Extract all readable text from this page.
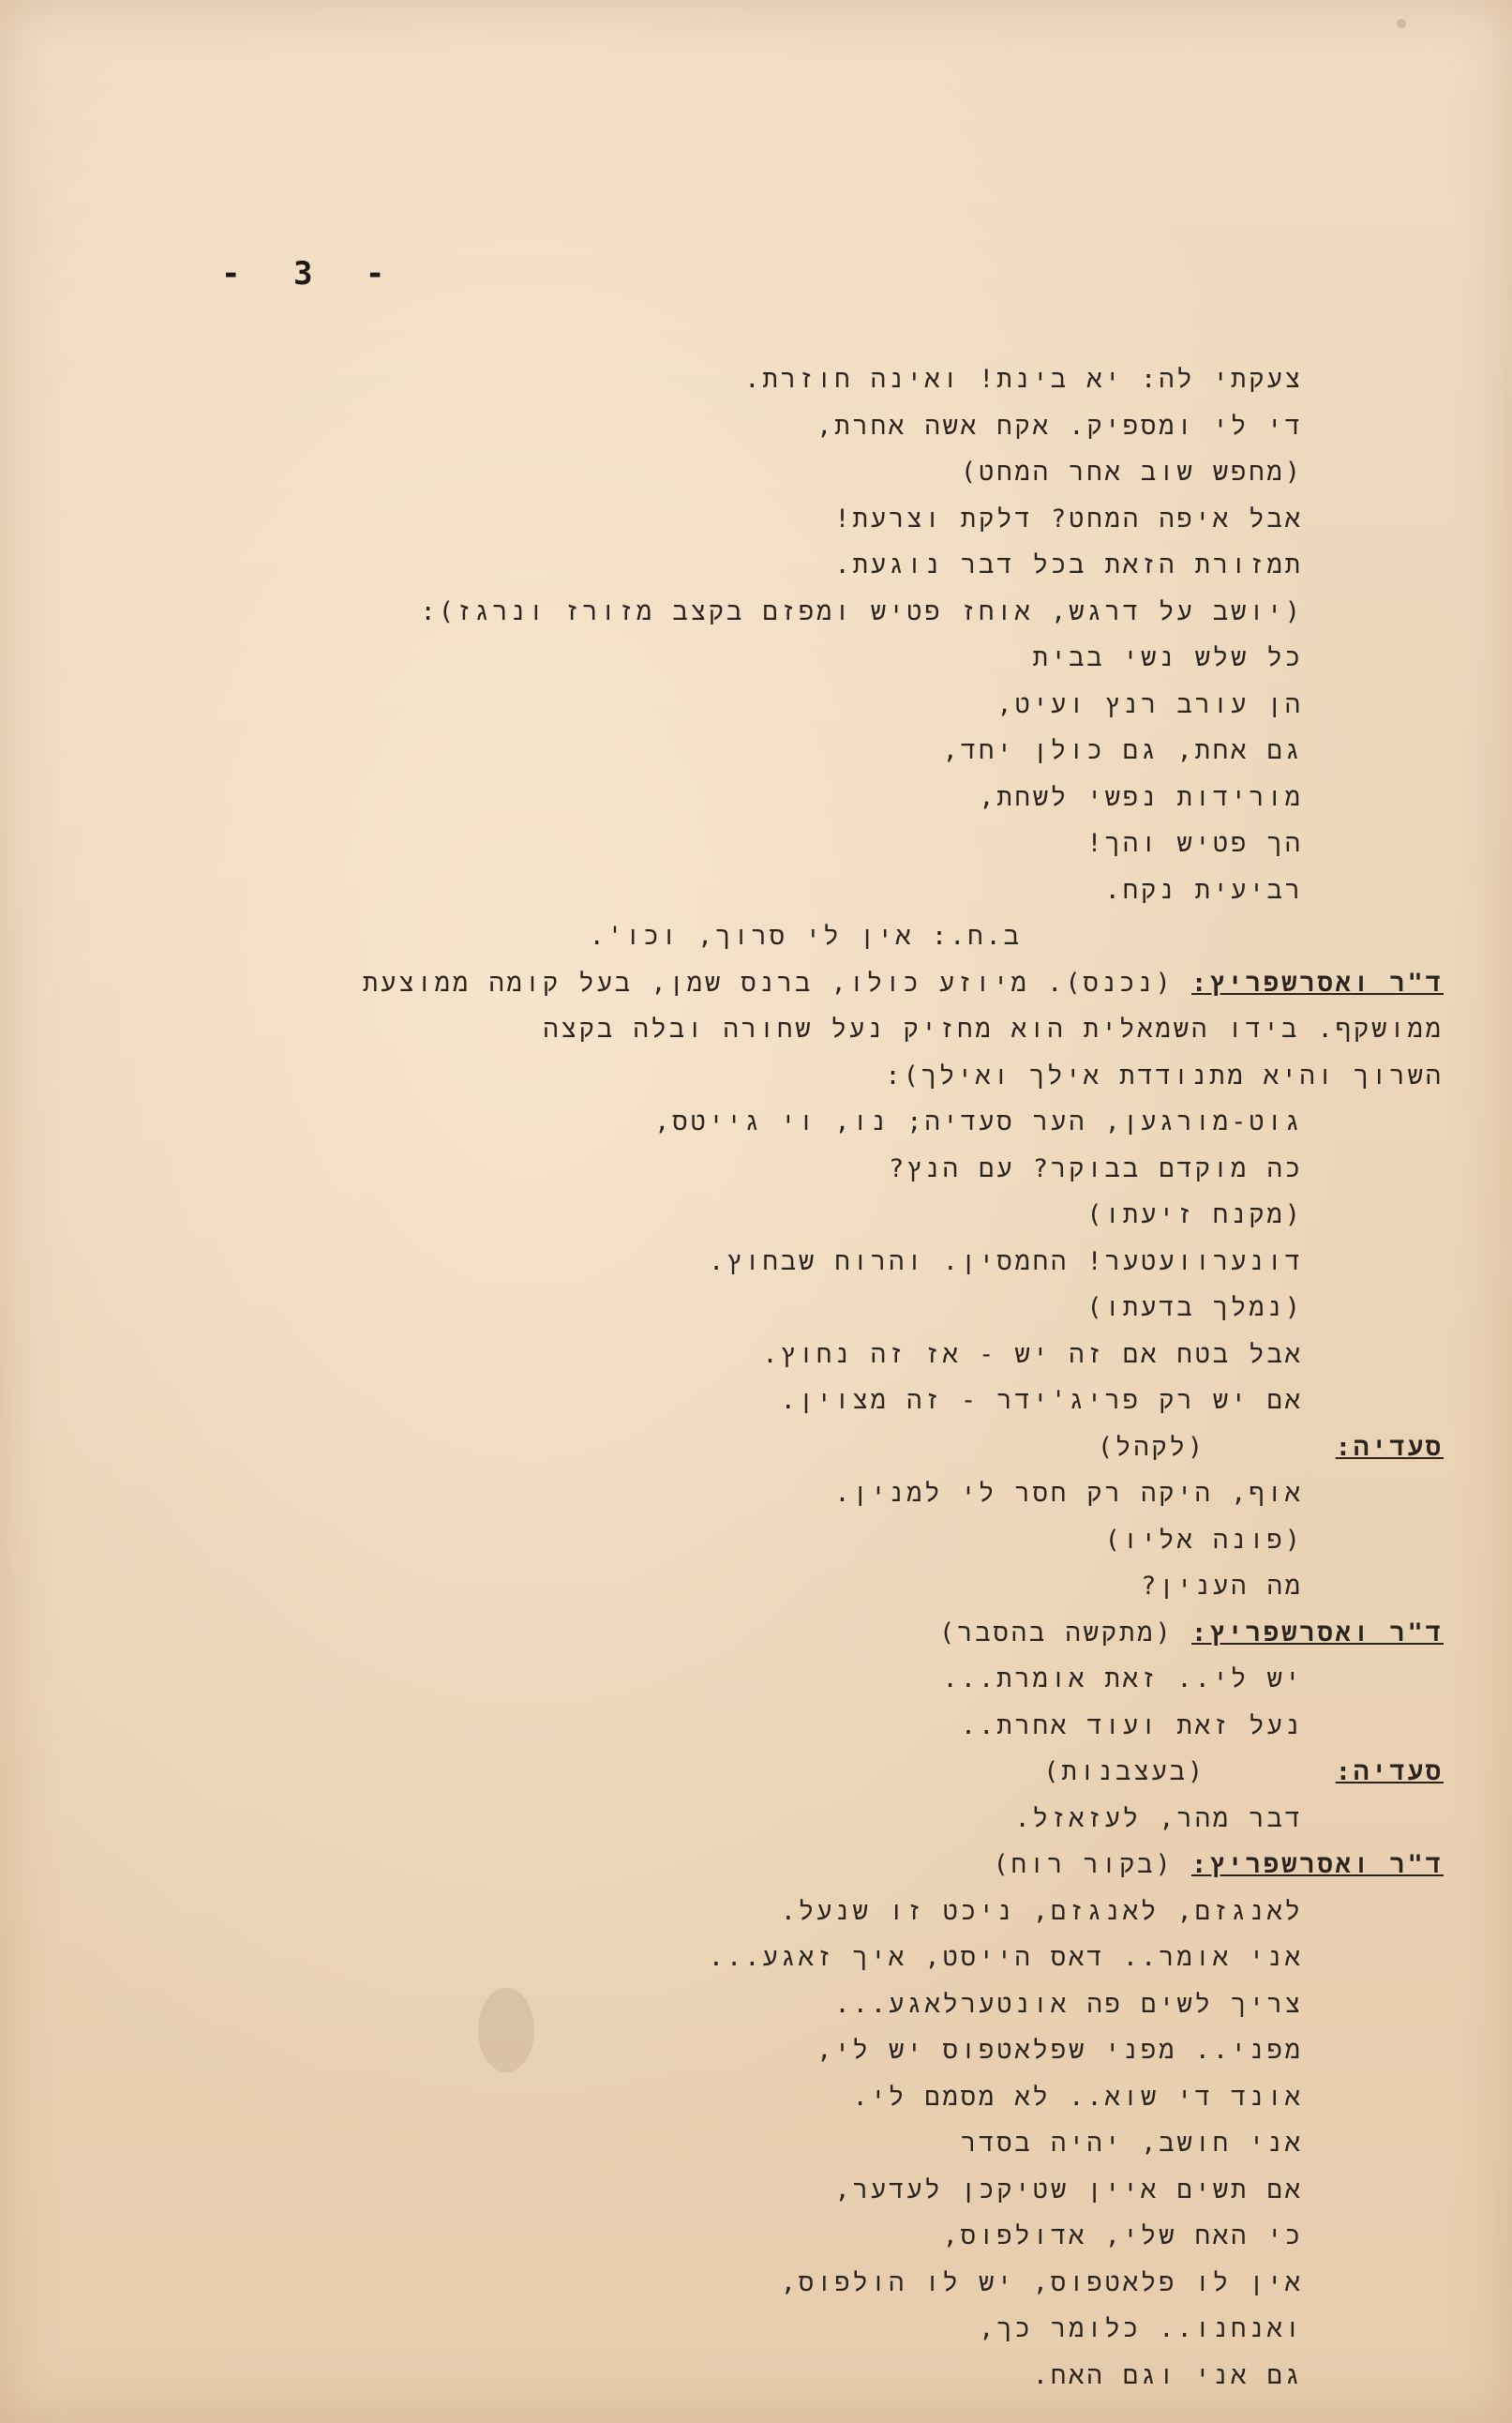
- 3 -
צעקתי לה: יא בינת! ואינה חוזרת.
די לי ומספיק. אקח אשה אחרת,
(מחפש שוב אחר המחט)
אבל איפה המחט? דלקת וצרעת!
תמזורת הזאת בכל דבר נוגעת.
(יושב על דרגש, אוחז פטיש ומפזם בקצב מזורז ונרגז):
כל שלש נשי בבית
הן עורב רנץ ועיט,
גם אחת, גם כולן יחד,
מורידות נפשי לשחת,
הך פטיש והך!
רביעית נקח.
ב.ח.: אין לי סרוך, וכו'.
ד"ר ואסרשפריץ: (נכנס). מיוזע כולו, ברנס שמן, בעל קומה ממוצעת
ממושקף. בידו השמאלית הוא מחזיק נעל שחורה ובלה בקצה
השרוך והיא מתנודדת אילך ואילך):
גוט-מורגען, הער סעדיה; נו, וי גייטס,
כה מוקדם בבוקר? עם הנץ?
(מקנח זיעתו)
דונערוועטער! החמסין. והרוח שבחוץ.
(נמלך בדעתו)
אבל בטח אם זה יש - אז זה נחוץ.
אם יש רק פריג'ידר - זה מצוין.
סעדיה:  (לקהל)
אוף, היקה רק חסר לי למנין.
(פונה אליו)
מה הענין?
ד"ר ואסרשפריץ: (מתקשה בהסבר)
יש לי.. זאת אומרת...
נעל זאת ועוד אחרת..
סעדיה:  (בעצבנות)
דבר מהר, לעזאזל.
ד"ר ואסרשפריץ: (בקור רוח)
לאנגזם, לאנגזם, ניכט זו שנעל.
אני אומר.. דאס הייסט, איך זאגע...
צריך לשים פה אונטערלאגע...
מפני.. מפני שפלאטפוס יש לי,
אונד די שוא.. לא מסמם לי.
אני חושב, יהיה בסדר
אם תשים איין שטיקכן לעדער,
כי האח שלי, אדולפוס,
אין לו פלאטפוס, יש לו הולפוס,
ואנחנו.. כלומר כך,
גם אני וגם האח.
